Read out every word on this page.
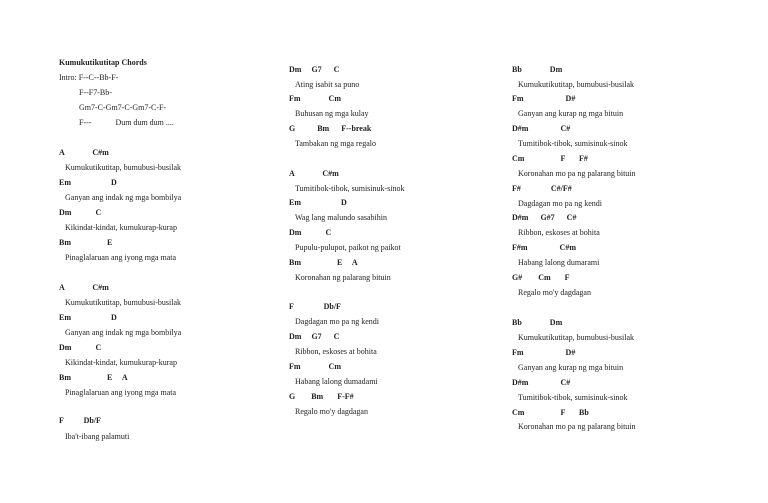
Kumukutikutitap Chords
Intro: F--C--Bb-F-
F--F7-Bb-
Gm7-C-Gm7-C-Gm7-C-F-
F---            Dum dum dum ....
A              C#m
Kumukutikutitap, bumubusi-busilak
Em                    D
Ganyan ang indak ng mga bombilya
Dm            C
Kikindat-kindat, kumukurap-kurap
Bm                  E
Pinaglalaruan ang iyong mga mata
A              C#m
Kumukutikutitap, bumubusi-busilak
Em                    D
Ganyan ang indak ng mga bombilya
Dm            C
Kikindat-kindat, kumukurap-kurap
Bm                  E     A
Pinaglalaruan ang iyong mga mata
F          Db/F
Iba't-ibang palamuti
Dm     G7      C
Ating isabit sa puno
Fm              Cm
Buhusan ng mga kulay
G           Bm      F--break
Tambakan ng mga regalo
A              C#m
Tumitibok-tibok, sumisinuk-sinok
Em                    D
Wag lang malundo sasabihin
Dm            C
Pupulu-pulupot, paikot ng paikot
Bm                  E     A
Koronahan ng palarang bituin
F               Db/F
Dagdagan mo pa ng kendi
Dm     G7      C
Ribbon, eskoses at bohita
Fm              Cm
Habang lalong dumadami
G        Bm       F-F#
Regalo mo'y dagdagan
Bb              Dm
Kumukutikutitap, bumubusi-busilak
Fm                     D#
Ganyan ang kurap ng mga bituin
D#m                C#
Tumitibok-tibok, sumisinuk-sinok
Cm                  F       F#
Koronahan mo pa ng palarang bituin
F#               C#/F#
Dagdagan mo pa ng kendi
D#m      G#7      C#
Ribbon, eskoses at bohita
F#m                C#m
Habang lalong dumarami
G#        Cm       F
Regalo mo'y dagdagan
Bb              Dm
Kumukutikutitap, bumubusi-busilak
Fm                     D#
Ganyan ang kurap ng mga bituin
D#m                C#
Tumitibok-tibok, sumisinuk-sinok
Cm                  F       Bb
Koronahan mo pa ng palarang bituin
